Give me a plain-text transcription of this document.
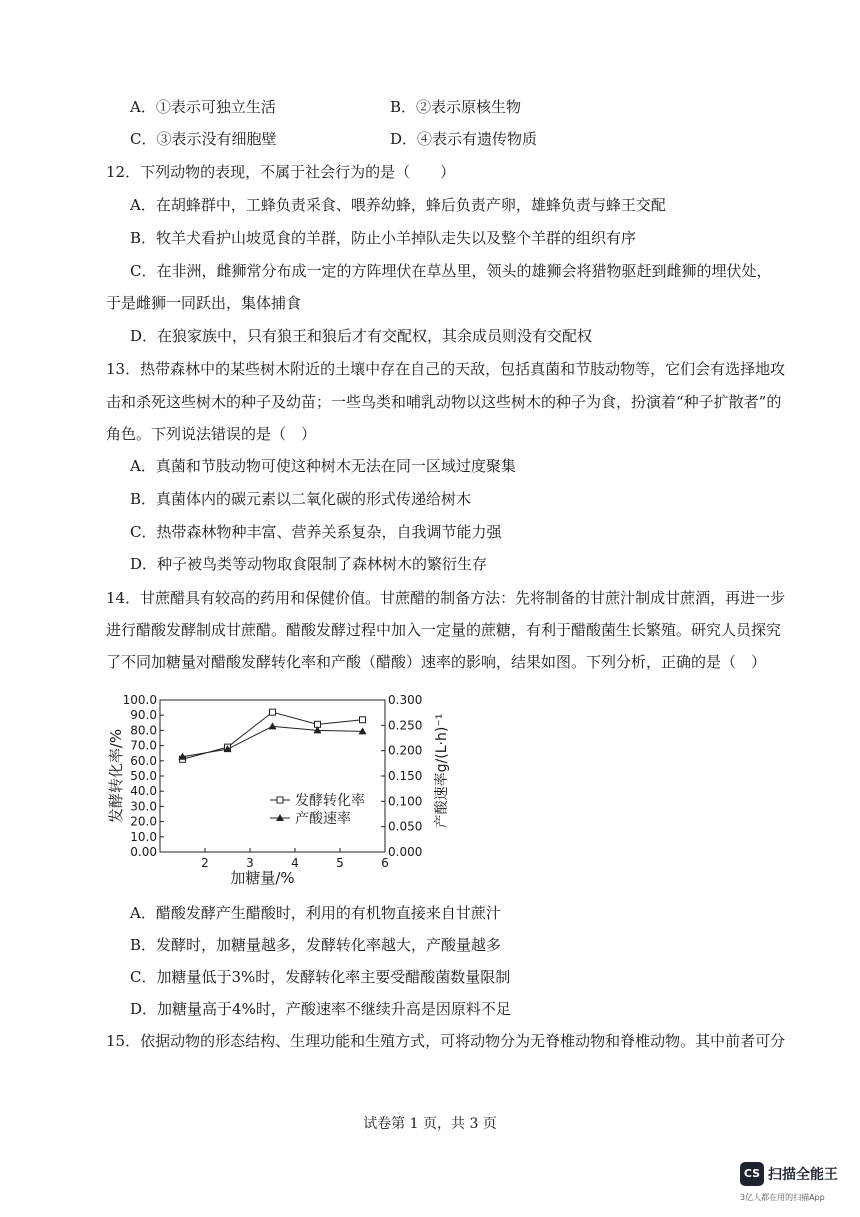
A．①表示可独立生活	B．②表示原核生物
C．③表示没有细胞壁	D．④表示有遗传物质
12．下列动物的表现，不属于社会行为的是（　　）
A．在胡蜂群中，工蜂负责采食、喂养幼蜂，蜂后负责产卵，雄蜂负责与蜂王交配
B．牧羊犬看护山坡觅食的羊群，防止小羊掉队走失以及整个羊群的组织有序
C．在非洲，雌狮常分布成一定的方阵埋伏在草丛里，领头的雄狮会将猎物驱赶到雌狮的埋伏处，
于是雌狮一同跃出，集体捕食
D．在狼家族中，只有狼王和狼后才有交配权，其余成员则没有交配权
13．热带森林中的某些树木附近的土壤中存在自己的天敌，包括真菌和节肢动物等，它们会有选择地攻
击和杀死这些树木的种子及幼苗；一些鸟类和哺乳动物以这些树木的种子为食，扮演着“种子扩散者”的
角色。下列说法错误的是（　）
A．真菌和节肢动物可使这种树木无法在同一区域过度聚集
B．真菌体内的碳元素以二氧化碳的形式传递给树木
C．热带森林物种丰富、营养关系复杂，自我调节能力强
D．种子被鸟类等动物取食限制了森林树木的繁衍生存
14．甘蔗醋具有较高的药用和保健价值。甘蔗醋的制备方法：先将制备的甘蔗汁制成甘蔗酒，再进一步
进行醋酸发酵制成甘蔗醋。醋酸发酵过程中加入一定量的蔗糖，有利于醋酸菌生长繁殖。研究人员探究
了不同加糖量对醋酸发酵转化率和产酸（醋酸）速率的影响，结果如图。下列分析，正确的是（　）
0.00
10.0
20.0
30.0
40.0
50.0
60.0
70.0
80.0
90.0
100.0
0.000
0.050
0.100
0.150
0.200
0.250
0.300
2	3	4	5	6
发酵转化率
产酸速率
加糖量/%
发酵转化率/%	产酸速率g/(L·h)⁻¹
A．醋酸发酵产生醋酸时，利用的有机物直接来自甘蔗汁
B．发酵时，加糖量越多，发酵转化率越大，产酸量越多
C．加糖量低于3%时，发酵转化率主要受醋酸菌数量限制
D．加糖量高于4%时，产酸速率不继续升高是因原料不足
15．依据动物的形态结构、生理功能和生殖方式，可将动物分为无脊椎动物和脊椎动物。其中前者可分
试卷第 1 页，共 3 页
CS 扫描全能王
3亿人都在用的扫描App
